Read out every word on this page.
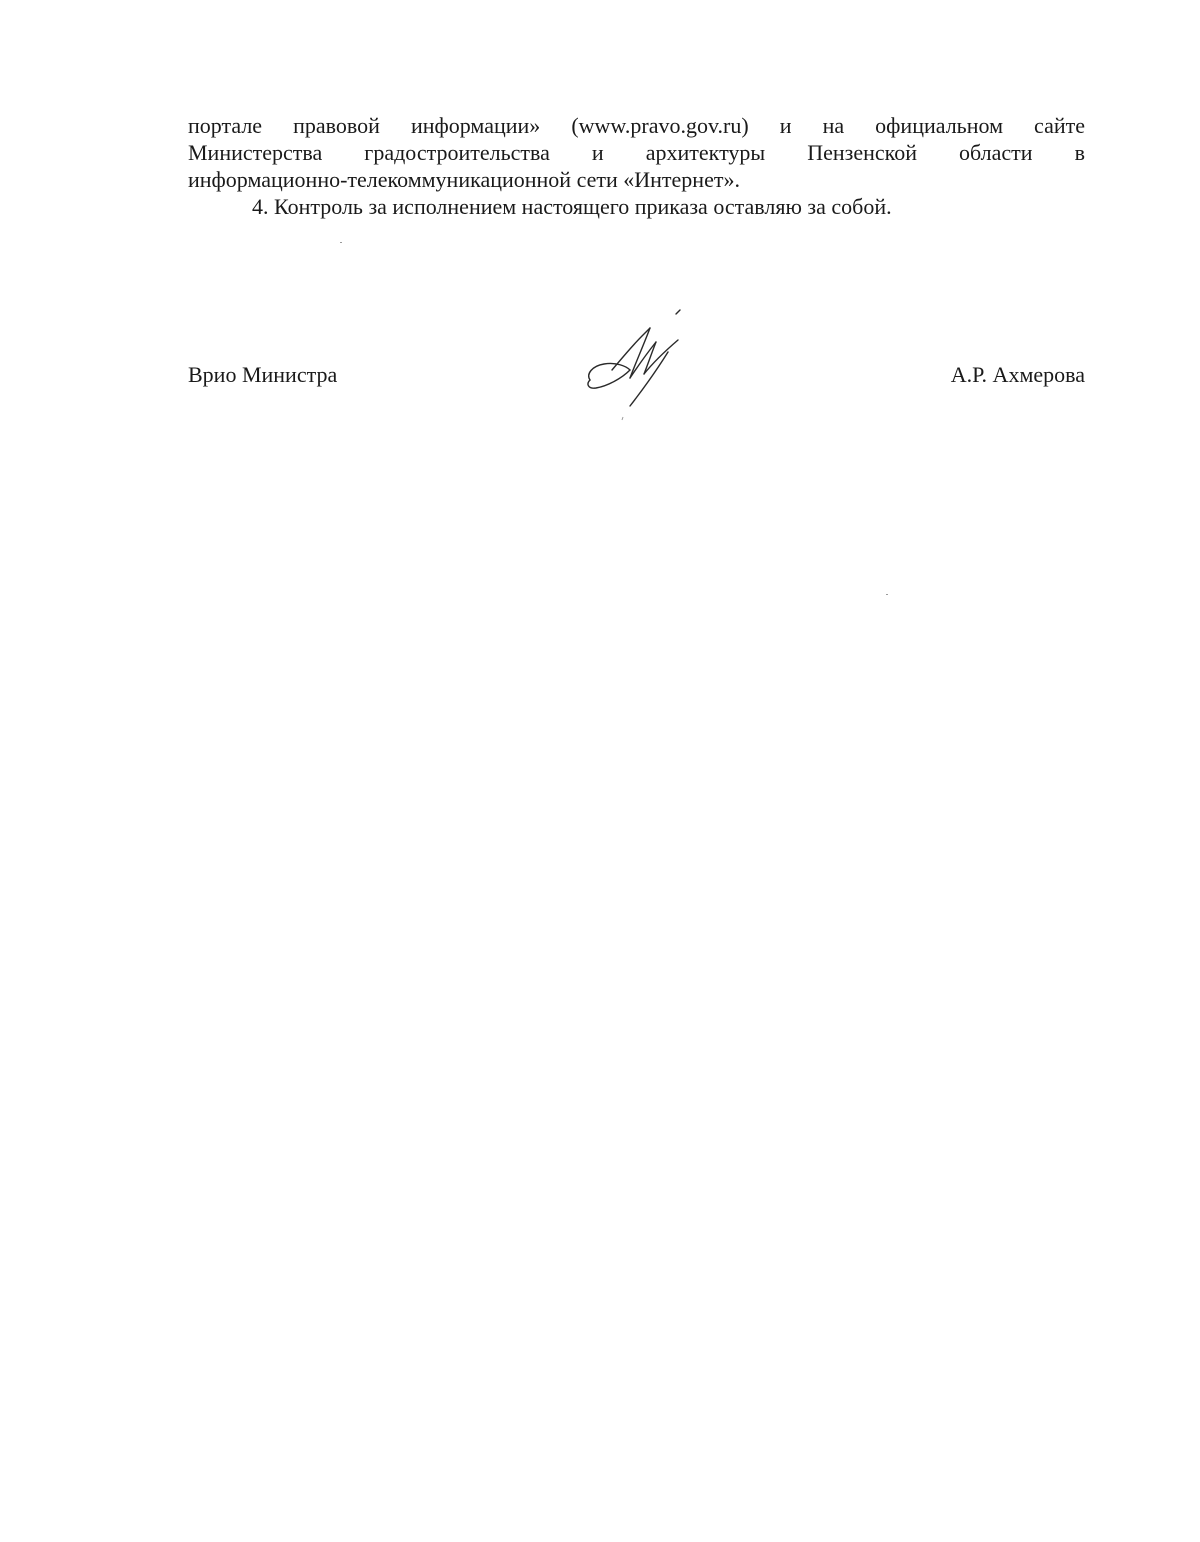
порталe правовой информации» (www.pravo.gov.ru) и на официальном сайте
Министерства градостроительства и архитектуры Пензенской области в
информационно-телекоммуникационной сети «Интернет».
4. Контроль за исполнением настоящего приказа оставляю за собой.
Врио Министра	А.Р. Ахмерова
